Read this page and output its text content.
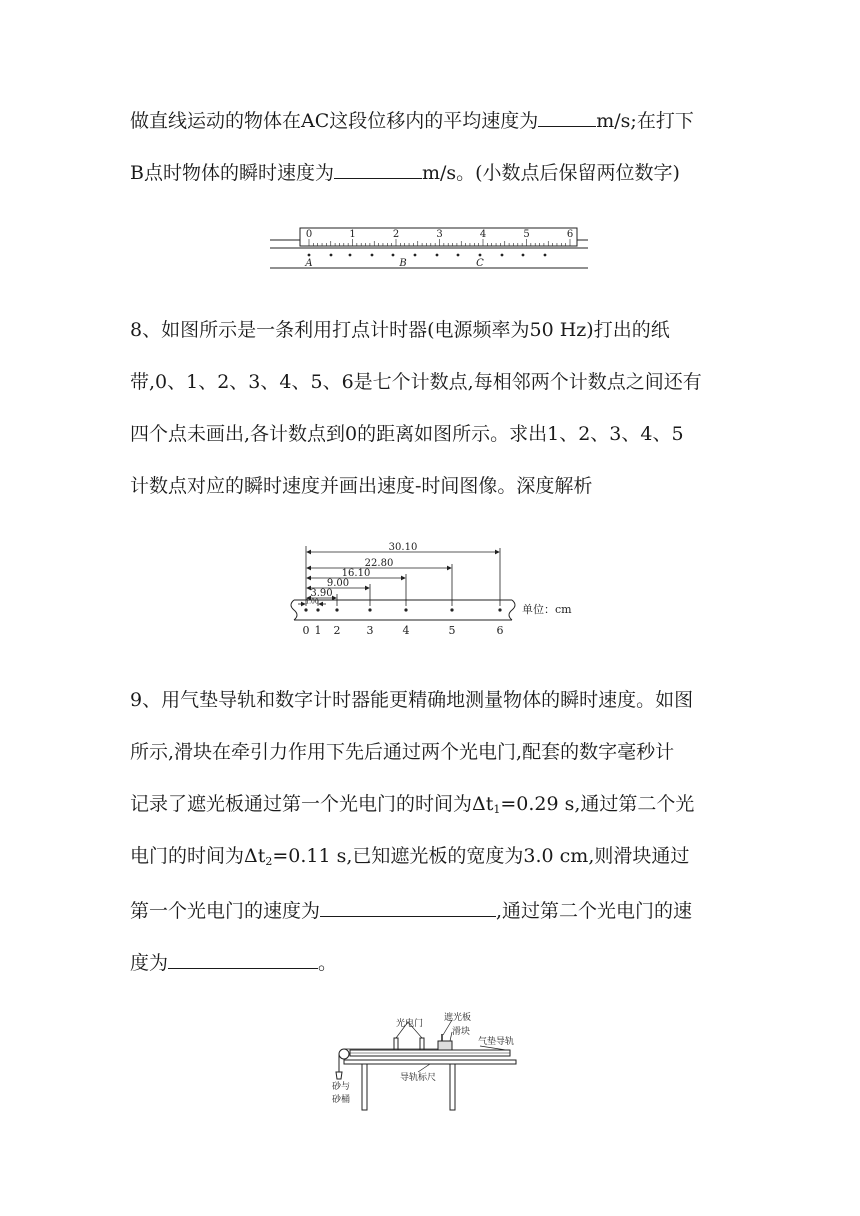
做直线运动的物体在AC这段位移内的平均速度为	m/s;在打下
B点时物体的瞬时速度为	m/s。(小数点后保留两位数字)
0	1	2	3	4	5	6
A	B	C
8、如图所示是一条利用打点计时器(电源频率为50 Hz)打出的纸
带,0、1、2、3、4、5、6是七个计数点,每相邻两个计数点之间还有
四个点未画出,各计数点到0的距离如图所示。求出1、2、3、4、5
计数点对应的瞬时速度并画出速度-时间图像。深度解析
30.10
22.80
16.10
9.00
3.90
1.00
0 1 2 3	4	5	6
单位：cm
9、用气垫导轨和数字计时器能更精确地测量物体的瞬时速度。如图
所示,滑块在牵引力作用下先后通过两个光电门,配套的数字毫秒计
记录了遮光板通过第一个光电门的时间为$\Delta t_1=0.29$ s,通过第二个光
电门的时间为$\Delta t_2=0.11$ s,已知遮光板的宽度为3.0 cm,则滑块通过
第一个光电门的速度为	,通过第二个光电门的速
度为	。
光电门
遮光板
滑块
气垫导轨
砂与
砂桶
导轨标尺
